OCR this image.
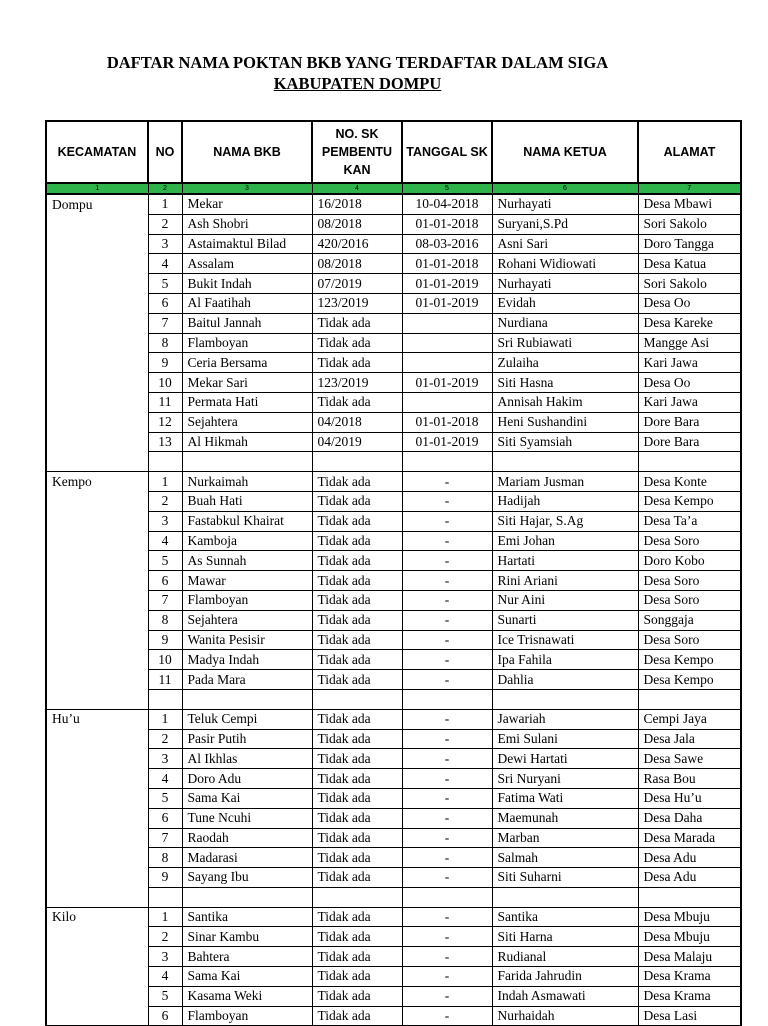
DAFTAR NAMA POKTAN BKB YANG TERDAFTAR DALAM SIGA
KABUPATEN DOMPU
KECAMATAN	NO	NAMA BKB	NO. SK PEMBENTU KAN	TANGGAL SK	NAMA KETUA	ALAMAT
1	2	3	4	5	6	7
Dompu	1	Mekar	16/2018	10-04-2018	Nurhayati	Desa Mbawi
	2	Ash Shobri	08/2018	01-01-2018	Suryani,S.Pd	Sori Sakolo
	3	Astaimaktul Bilad	420/2016	08-03-2016	Asni Sari	Doro Tangga
	4	Assalam	08/2018	01-01-2018	Rohani Widiowati	Desa Katua
	5	Bukit Indah	07/2019	01-01-2019	Nurhayati	Sori Sakolo
	6	Al Faatihah	123/2019	01-01-2019	Evidah	Desa Oo
	7	Baitul Jannah	Tidak ada		Nurdiana	Desa Kareke
	8	Flamboyan	Tidak ada		Sri Rubiawati	Mangge Asi
	9	Ceria Bersama	Tidak ada		Zulaiha	Kari Jawa
	10	Mekar Sari	123/2019	01-01-2019	Siti Hasna	Desa Oo
	11	Permata Hati	Tidak ada		Annisah Hakim	Kari Jawa
	12	Sejahtera	04/2018	01-01-2018	Heni Sushandini	Dore Bara
	13	Al Hikmah	04/2019	01-01-2019	Siti Syamsiah	Dore Bara

Kempo	1	Nurkaimah	Tidak ada	-	Mariam Jusman	Desa Konte
	2	Buah Hati	Tidak ada	-	Hadijah	Desa Kempo
	3	Fastabkul Khairat	Tidak ada	-	Siti Hajar, S.Ag	Desa Ta’a
	4	Kamboja	Tidak ada	-	Emi Johan	Desa Soro
	5	As Sunnah	Tidak ada	-	Hartati	Doro Kobo
	6	Mawar	Tidak ada	-	Rini Ariani	Desa Soro
	7	Flamboyan	Tidak ada	-	Nur Aini	Desa Soro
	8	Sejahtera	Tidak ada	-	Sunarti	Songgaja
	9	Wanita Pesisir	Tidak ada	-	Ice Trisnawati	Desa Soro
	10	Madya Indah	Tidak ada	-	Ipa Fahila	Desa Kempo
	11	Pada Mara	Tidak ada	-	Dahlia	Desa Kempo

Hu’u	1	Teluk Cempi	Tidak ada	-	Jawariah	Cempi Jaya
	2	Pasir Putih	Tidak ada	-	Emi Sulani	Desa Jala
	3	Al Ikhlas	Tidak ada	-	Dewi Hartati	Desa Sawe
	4	Doro Adu	Tidak ada	-	Sri Nuryani	Rasa Bou
	5	Sama Kai	Tidak ada	-	Fatima Wati	Desa Hu’u
	6	Tune Ncuhi	Tidak ada	-	Maemunah	Desa Daha
	7	Raodah	Tidak ada	-	Marban	Desa Marada
	8	Madarasi	Tidak ada	-	Salmah	Desa Adu
	9	Sayang Ibu	Tidak ada	-	Siti Suharni	Desa Adu

Kilo	1	Santika	Tidak ada	-	Santika	Desa Mbuju
	2	Sinar Kambu	Tidak ada	-	Siti Harna	Desa Mbuju
	3	Bahtera	Tidak ada	-	Rudianal	Desa Malaju
	4	Sama Kai	Tidak ada	-	Farida Jahrudin	Desa Krama
	5	Kasama Weki	Tidak ada	-	Indah Asmawati	Desa Krama
	6	Flamboyan	Tidak ada	-	Nurhaidah	Desa Lasi
